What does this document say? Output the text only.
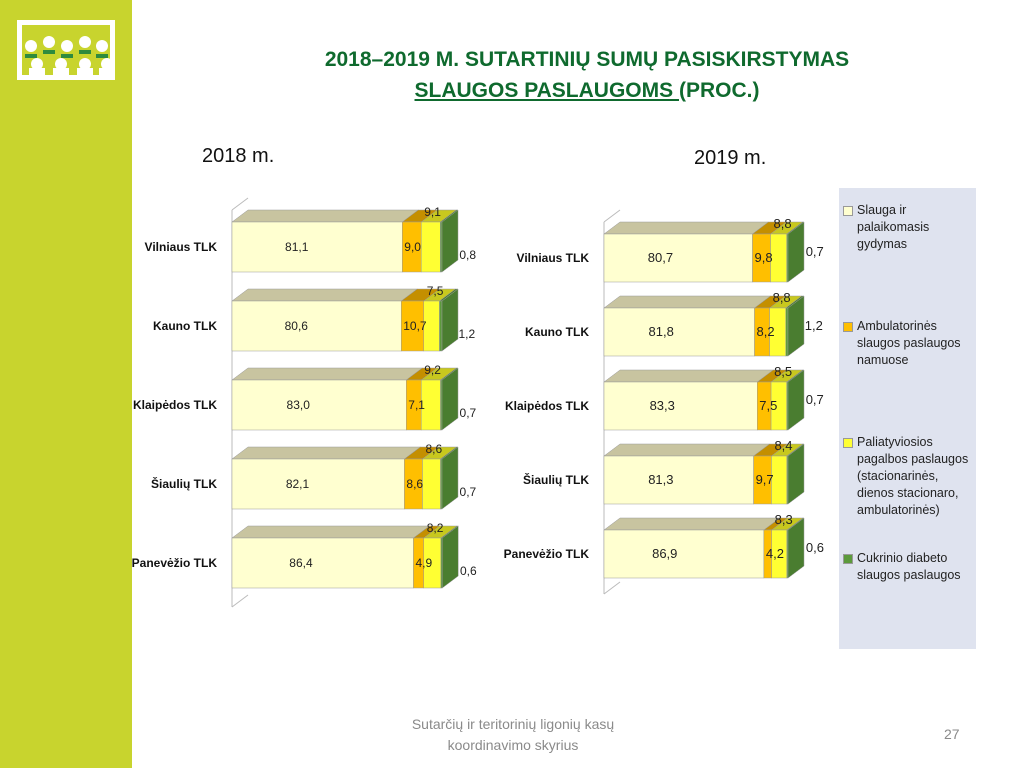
2018–2019 M. SUTARTINIŲ SUMŲ PASISKIRSTYMAS
SLAUGOS PASLAUGOMS (PROC.)
2018 m.	2019 m.
Vilniaus TLK	81,1	9,0
9,1
0,8
Kauno TLK	80,6	10,7
7,5
1,2
Klaipėdos TLK	83,0	7,1
9,2
0,7
Šiaulių TLK	82,1	8,6
8,6
0,7
Panevėžio TLK	86,4	4,9
8,2
0,6
Vilniaus TLK	80,7	9,8
8,8
0,7
Kauno TLK	81,8	8,2
8,8
1,2
Klaipėdos TLK	83,3	7,5
8,5
0,7
Šiaulių TLK	81,3	9,7
8,4
Panevėžio TLK	86,9	4,2
8,3
0,6
Slauga ir palaikomasis gydymas
Ambulatorinės slaugos paslaugos namuose
Paliatyviosios pagalbos paslaugos (stacionarinės, dienos stacionaro, ambulatorinės)
Cukrinio diabeto slaugos paslaugos
Sutarčių ir teritorinių ligonių kasų koordinavimo skyrius
27
